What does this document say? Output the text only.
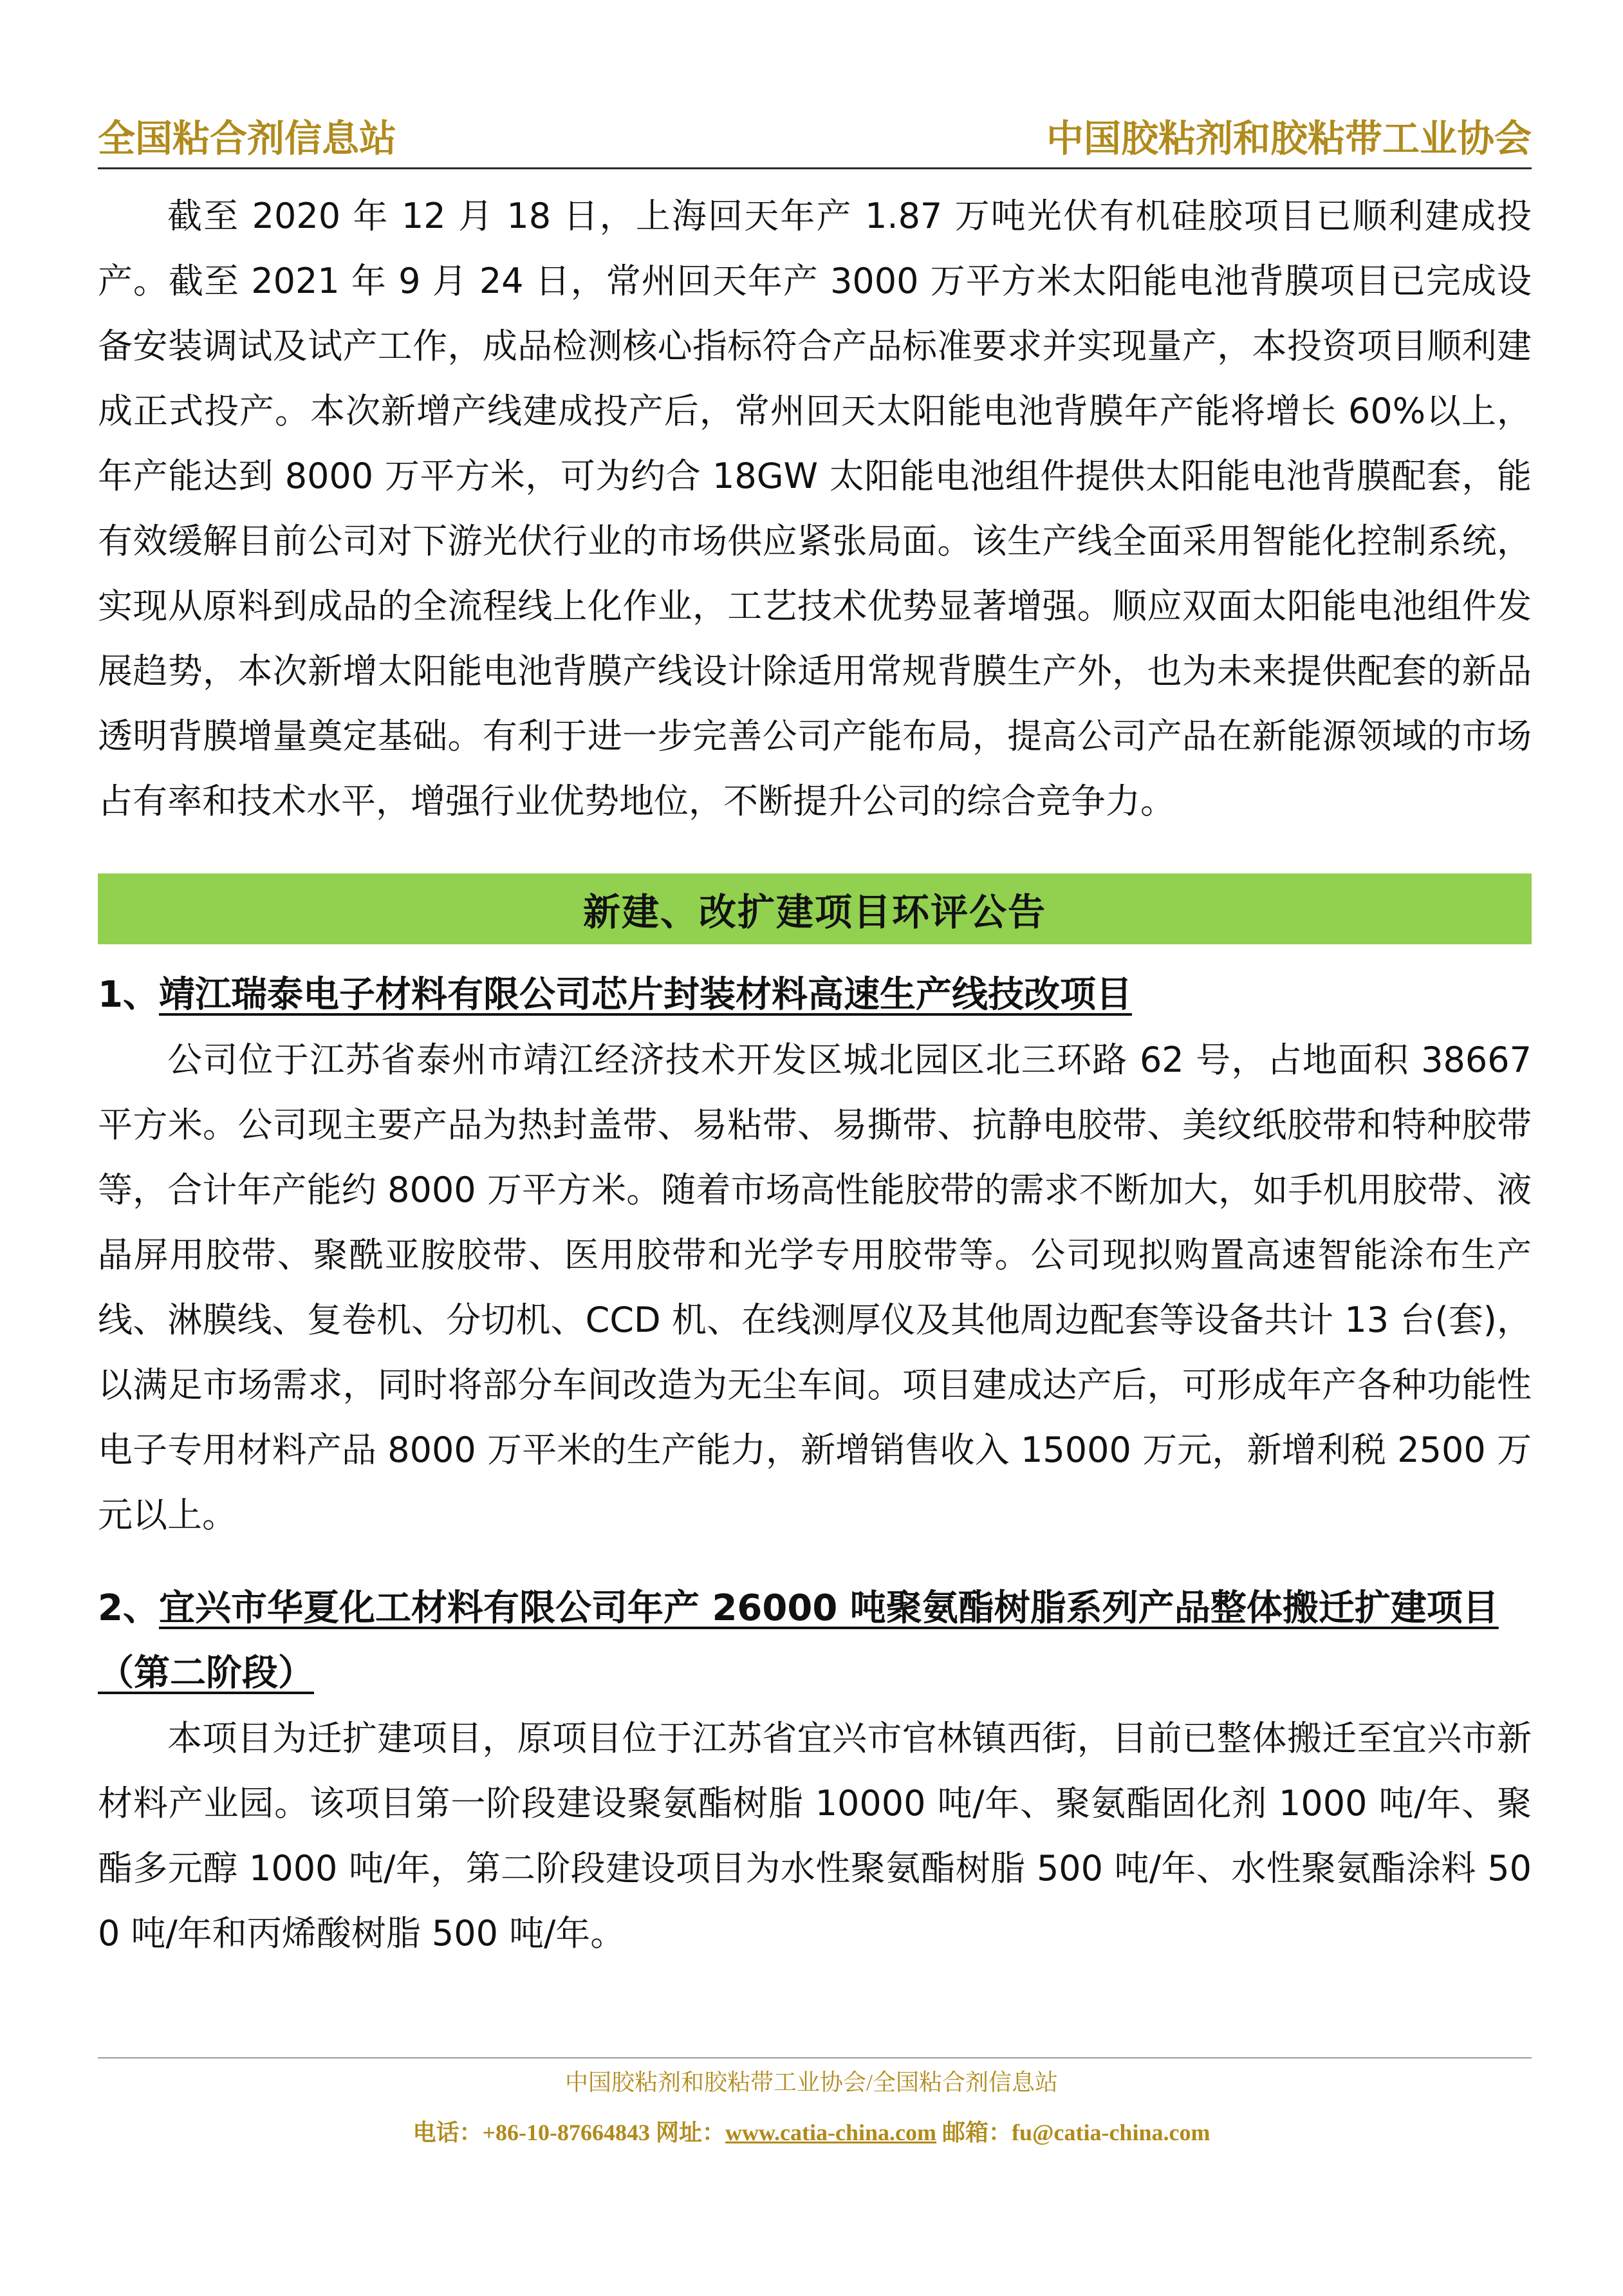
全国粘合剂信息站	中国胶粘剂和胶粘带工业协会

截至 2020 年 12 月 18 日，上海回天年产 1.87 万吨光伏有机硅胶项目已顺利建成投产。截至 2021 年 9 月 24 日，常州回天年产 3000 万平方米太阳能电池背膜项目已完成设备安装调试及试产工作，成品检测核心指标符合产品标准要求并实现量产，本投资项目顺利建成正式投产。本次新增产线建成投产后，常州回天太阳能电池背膜年产能将增长 60%以上，年产能达到 8000 万平方米，可为约合 18GW 太阳能电池组件提供太阳能电池背膜配套，能有效缓解目前公司对下游光伏行业的市场供应紧张局面。该生产线全面采用智能化控制系统，实现从原料到成品的全流程线上化作业，工艺技术优势显著增强。顺应双面太阳能电池组件发展趋势，本次新增太阳能电池背膜产线设计除适用常规背膜生产外，也为未来提供配套的新品透明背膜增量奠定基础。有利于进一步完善公司产能布局，提高公司产品在新能源领域的市场占有率和技术水平，增强行业优势地位，不断提升公司的综合竞争力。

新建、改扩建项目环评公告
1、靖江瑞泰电子材料有限公司芯片封装材料高速生产线技改项目

公司位于江苏省泰州市靖江经济技术开发区城北园区北三环路 62 号，占地面积 38667 平方米。公司现主要产品为热封盖带、易粘带、易撕带、抗静电胶带、美纹纸胶带和特种胶带等，合计年产能约 8000 万平方米。随着市场高性能胶带的需求不断加大，如手机用胶带、液晶屏用胶带、聚酰亚胺胶带、医用胶带和光学专用胶带等。公司现拟购置高速智能涂布生产线、淋膜线、复卷机、分切机、CCD 机、在线测厚仪及其他周边配套等设备共计 13 台(套)，以满足市场需求，同时将部分车间改造为无尘车间。项目建成达产后，可形成年产各种功能性电子专用材料产品 8000 万平米的生产能力，新增销售收入 15000 万元，新增利税 2500 万元以上。

2、宜兴市华夏化工材料有限公司年产 26000 吨聚氨酯树脂系列产品整体搬迁扩建项目（第二阶段）

本项目为迁扩建项目，原项目位于江苏省宜兴市官林镇西街，目前已整体搬迁至宜兴市新材料产业园。该项目第一阶段建设聚氨酯树脂 10000 吨/年、聚氨酯固化剂 1000 吨/年、聚酯多元醇 1000 吨/年，第二阶段建设项目为水性聚氨酯树脂 500 吨/年、水性聚氨酯涂料 500 吨/年和丙烯酸树脂 500 吨/年。

中国胶粘剂和胶粘带工业协会/全国粘合剂信息站
电话：+86-10-87664843 网址：www.catia-china.com 邮箱：fu@catia-china.com
